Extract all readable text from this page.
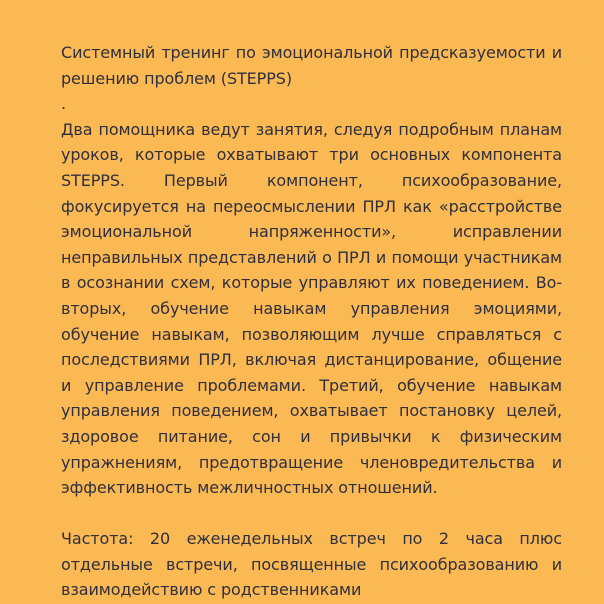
Системный тренинг по эмоциональной предсказуемости и решению проблем (STEPPS)

.

Два помощника ведут занятия, следуя подробным планам уроков, которые охватывают три основных компонента STEPPS. Первый компонент, психообразование, фокусируется на переосмыслении ПРЛ как «расстройстве эмоциональной напряженности», исправлении неправильных представлений о ПРЛ и помощи участникам в осознании схем, которые управляют их поведением. Во-вторых, обучение навыкам управления эмоциями, обучение навыкам, позволяющим лучше справляться с последствиями ПРЛ, включая дистанцирование, общение и управление проблемами. Третий, обучение навыкам управления поведением, охватывает постановку целей, здоровое питание, сон и привычки к физическим упражнениям, предотвращение членовредительства и эффективность межличностных отношений.

Частота: 20 еженедельных встреч по 2 часа плюс отдельные встречи, посвященные психообразованию и взаимодействию с родственниками
